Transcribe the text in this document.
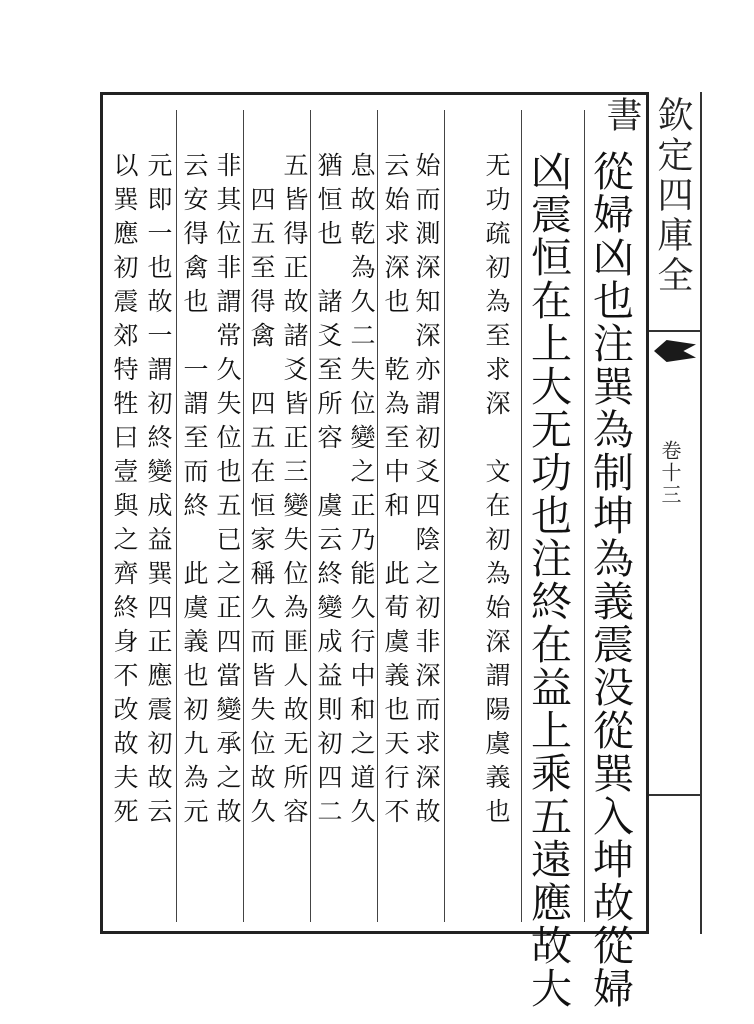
欽定四庫全書
卷十三
從婦凶也注巽為制坤為義震没從巽入坤故從婦
凶震恒在上大无功也注終在益上乘五遠應故大
无功疏初為至求深　文在初為始深謂陽虞義也
始而測深知深亦謂初爻四陰之初非深而求深故
云始求深也　乾為至中和　此荀虞義也天行不
息故乾為久二失位變之正乃能久行中和之道久
猶恒也　諸爻至所容　虞云終變成益則初四二
五皆得正故諸爻皆正三變失位為匪人故无所容
　四五至得禽　四五在恒家稱久而皆失位故久
非其位非謂常久失位也五已之正四當變承之故
云安得禽也　一謂至而終　此虞義也初九為元
元即一也故一謂初終變成益巽四正應震初故云
以巽應初震郊特牲曰壹與之齊終身不改故夫死
